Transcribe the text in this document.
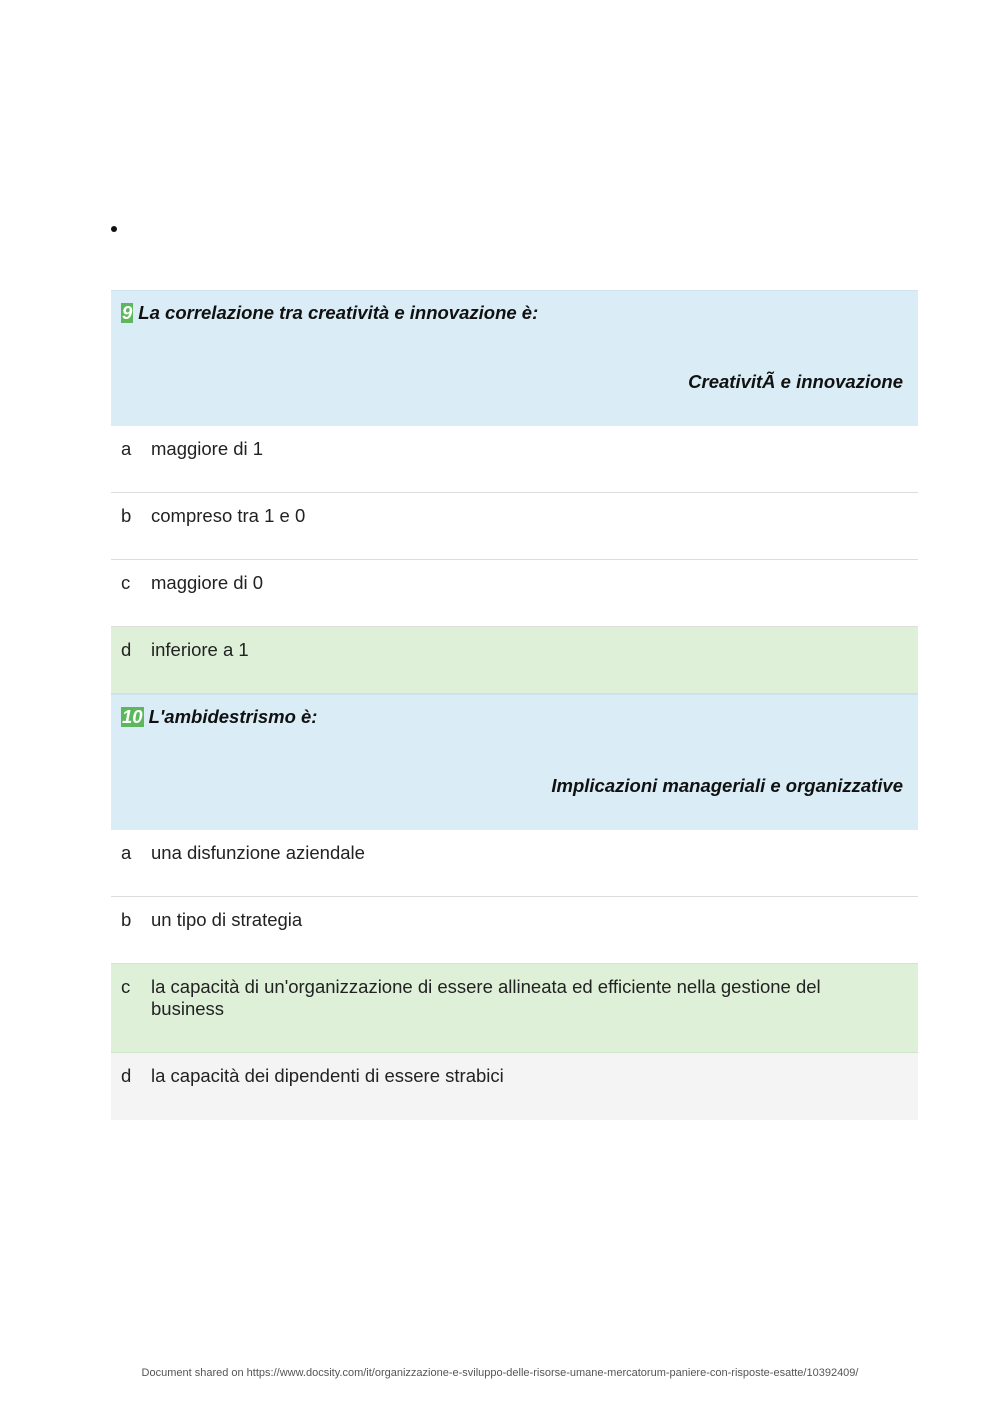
9 La correlazione tra creatività e innovazione è:
CreativitÃ e innovazione
a maggiore di 1
b compreso tra 1 e 0
c maggiore di 0
d inferiore a 1
10 L'ambidestrismo è:
Implicazioni manageriali e organizzative
a una disfunzione aziendale
b un tipo di strategia
c la capacità di un'organizzazione di essere allineata ed efficiente nella gestione del business
d la capacità dei dipendenti di essere strabici
Document shared on https://www.docsity.com/it/organizzazione-e-sviluppo-delle-risorse-umane-mercatorum-paniere-con-risposte-esatte/10392409/
